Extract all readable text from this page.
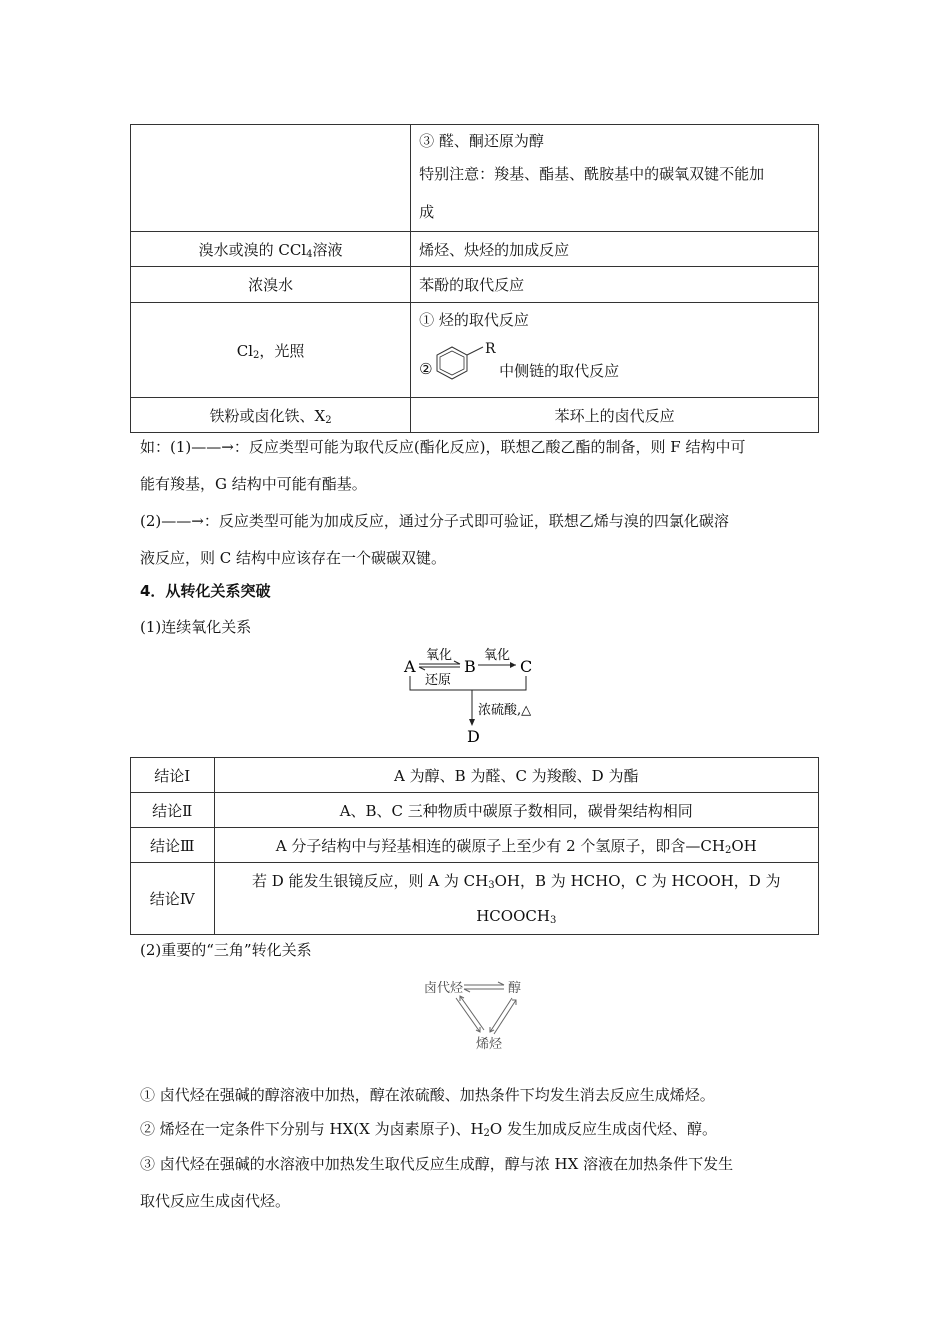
	③ 醛、酮还原为醇
特别注意：羧基、酯基、酰胺基中的碳氧双键不能加
成

溴水或溴的 CCl$_4$溶液	烯烃、炔烃的加成反应
浓溴水	苯酚的取代反应
$Cl_2$，光照	① 烃的取代反应
②
R
中侧链的取代反应

铁粉或卤化铁、$X_2$	苯环上的卤代反应
如：(1)——→：反应类型可能为取代反应(酯化反应)，联想乙酸乙酯的制备，则 F 结构中可
能有羧基，G 结构中可能有酯基。
(2)——→：反应类型可能为加成反应，通过分子式即可验证，联想乙烯与溴的四氯化碳溶
液反应，则 C 结构中应该存在一个碳碳双键。
4．从转化关系突破
(1)连续氧化关系
A	B	C
D
氧化
还原
氧化
浓硫酸,△
结论Ⅰ	A 为醇、B 为醛、C 为羧酸、D 为酯
结论Ⅱ	A、B、C 三种物质中碳原子数相同，碳骨架结构相同
结论Ⅲ	A 分子结构中与羟基相连的碳原子上至少有 2 个氢原子，即含$—CH_2OH$
结论Ⅳ	若 D 能发生银镜反应，则 A 为 $CH_3OH$，B 为 HCHO，C 为 HCOOH，D 为
$HCOOCH_3$
(2)重要的“三角”转化关系
卤代烃	醇
烯烃
① 卤代烃在强碱的醇溶液中加热，醇在浓硫酸、加热条件下均发生消去反应生成烯烃。
② 烯烃在一定条件下分别与 HX(X 为卤素原子)、$H_2O$ 发生加成反应生成卤代烃、醇。
③ 卤代烃在强碱的水溶液中加热发生取代反应生成醇，醇与浓 HX 溶液在加热条件下发生
取代反应生成卤代烃。
